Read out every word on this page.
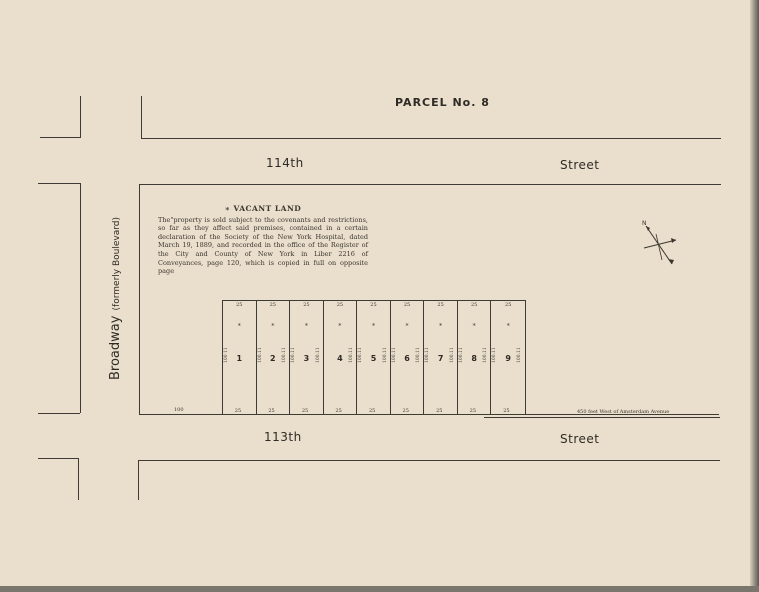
PARCEL No. 8
114th	Street
Broadway (formerly Boulevard)
∗ VACANT LAND
The"property is sold subject to the covenants and restrictions, so far as they affect said premises, contained in a certain declaration of the Society of the New York Hospital, dated March 19, 1889, and recorded in the office of the Register of the City and County of New York in Liber 2216 of Conveyances, page 120, which is copied in full on opposite page
N
25
*
1
100 11
25
*
2
100.11	100.11
25
*
3
100.11	100.11
25
*
4	100.11
25
*
5
100.11	100.11
25
*
6
100.11	100.11
25
*
7
100.11	100.11
25
*
8
100.11	100.11
25
*
9
100.11	100.11
100	450 feet West of Amsterdam Avenue
113th	Street
25	25	25	25	25	25	25	25	25
